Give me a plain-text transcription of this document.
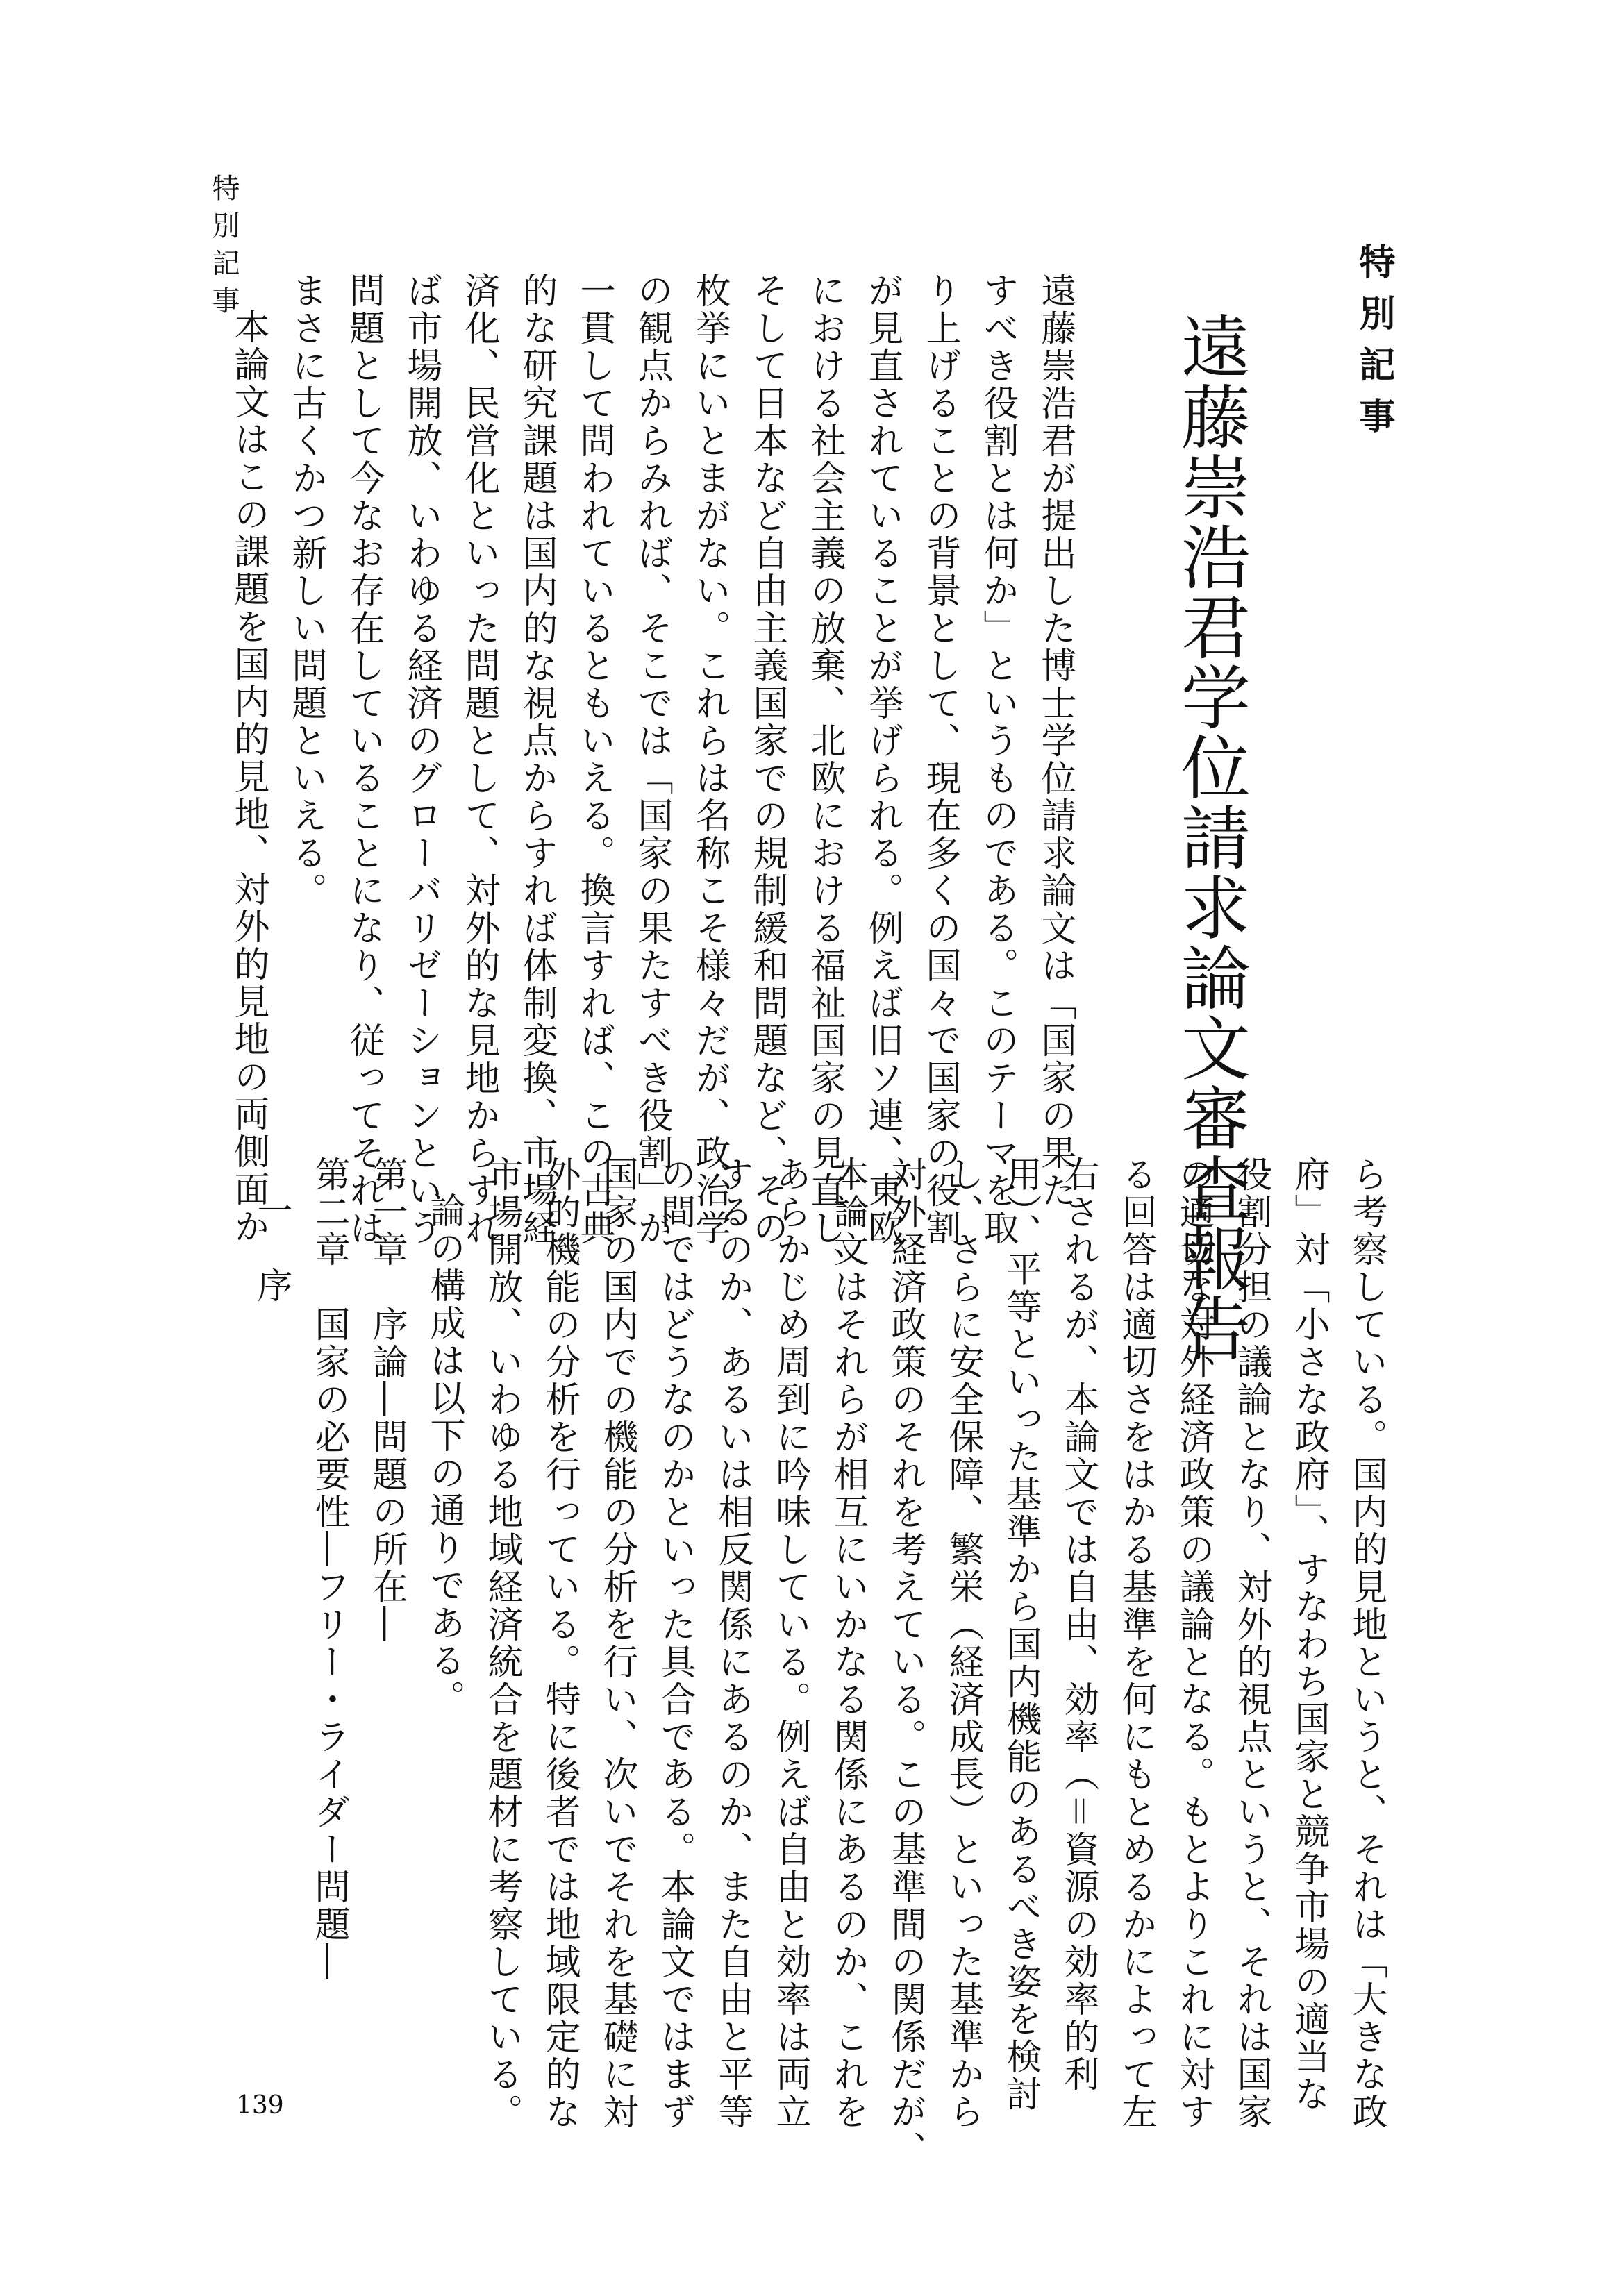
特別記事	特別記事
遠藤崇浩君学位請求論文審査報告
遠藤崇浩君が提出した博士学位請求論文は「国家の果た
すべき役割とは何か」というものである。このテーマを取
り上げることの背景として、現在多くの国々で国家の役割
が見直されていることが挙げられる。例えば旧ソ連、東欧
における社会主義の放棄、北欧における福祉国家の見直し、
そして日本など自由主義国家での規制緩和問題など、その
枚挙にいとまがない。これらは名称こそ様々だが、政治学
の観点からみれば、そこでは「国家の果たすべき役割」が
一貫して問われているともいえる。換言すれば、この古典
的な研究課題は国内的な視点からすれば体制変換、市場経
済化、民営化といった問題として、対外的な見地からすれ
ば市場開放、いわゆる経済のグローバリゼーションという
問題として今なお存在していることになり、従ってそれは
まさに古くかつ新しい問題といえる。
本論文はこの課題を国内的見地、対外的見地の両側面か
ら考察している。国内的見地というと、それは「大きな政
府」対「小さな政府」、すなわち国家と競争市場の適当な
役割分担の議論となり、対外的視点というと、それは国家
の適切な対外経済政策の議論となる。もとよりこれに対す
る回答は適切さをはかる基準を何にもとめるかによって左
右されるが、本論文では自由、効率（＝資源の効率的利
用）、平等といった基準から国内機能のあるべき姿を検討
し、さらに安全保障、繁栄（経済成長）といった基準から
対外経済政策のそれを考えている。この基準間の関係だが、
本論文はそれらが相互にいかなる関係にあるのか、これを
あらかじめ周到に吟味している。例えば自由と効率は両立
するのか、あるいは相反関係にあるのか、また自由と平等
の間ではどうなのかといった具合である。本論文ではまず
国家の国内での機能の分析を行い、次いでそれを基礎に対
外的機能の分析を行っている。特に後者では地域限定的な
市場開放、いわゆる地域経済統合を題材に考察している。
論の構成は以下の通りである。
第一章　序論―問題の所在―
第二章　国家の必要性―フリー・ライダー問題―
一　序
139
